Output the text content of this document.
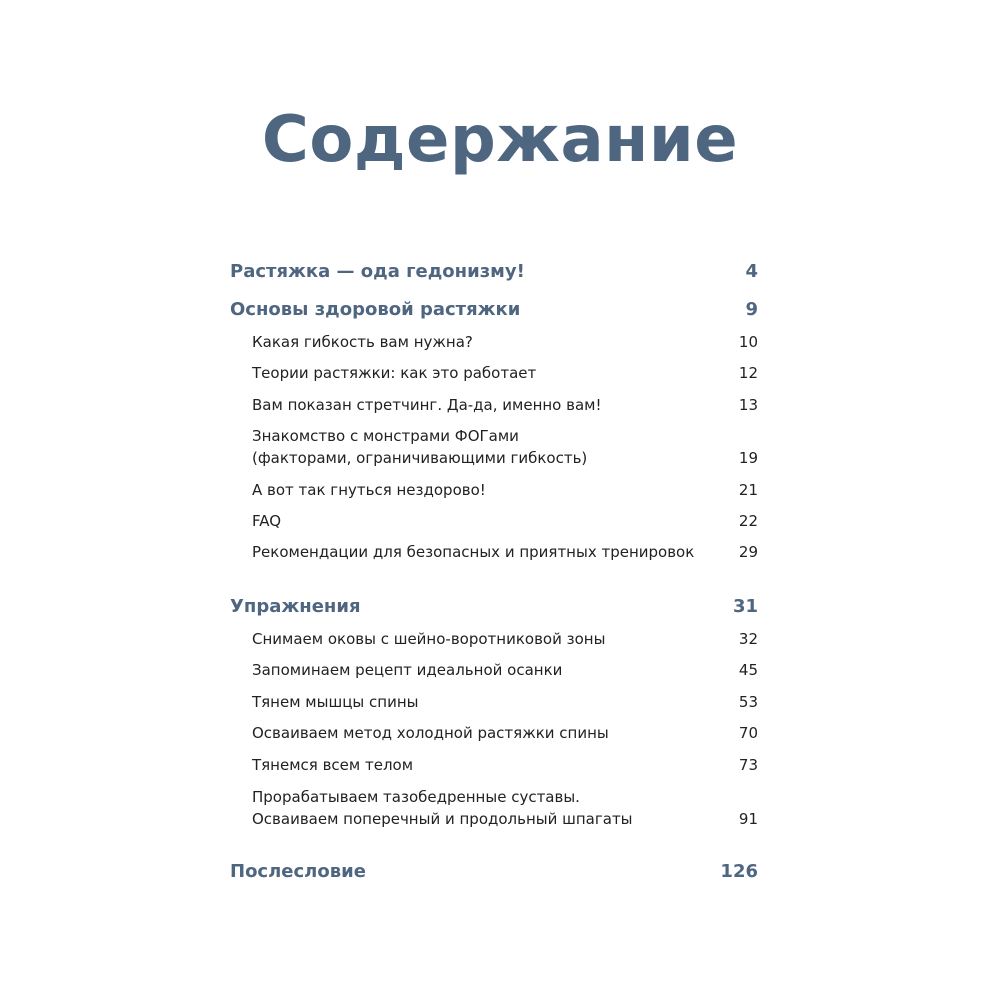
Содержание
Растяжка — ода гедонизму!	4
Основы здоровой растяжки	9
Какая гибкость вам нужна?	10
Теории растяжки: как это работает	12
Вам показан стретчинг. Да-да, именно вам!	13
Знакомство с монстрами ФОГами
(факторами, ограничивающими гибкость)	19
А вот так гнуться нездорово!	21
FAQ	22
Рекомендации для безопасных и приятных тренировок	29
Упражнения	31
Снимаем оковы с шейно-воротниковой зоны	32
Запоминаем рецепт идеальной осанки	45
Тянем мышцы спины	53
Осваиваем метод холодной растяжки спины	70
Тянемся всем телом	73
Прорабатываем тазобедренные суставы.
Осваиваем поперечный и продольный шпагаты	91
Послесловие	126
